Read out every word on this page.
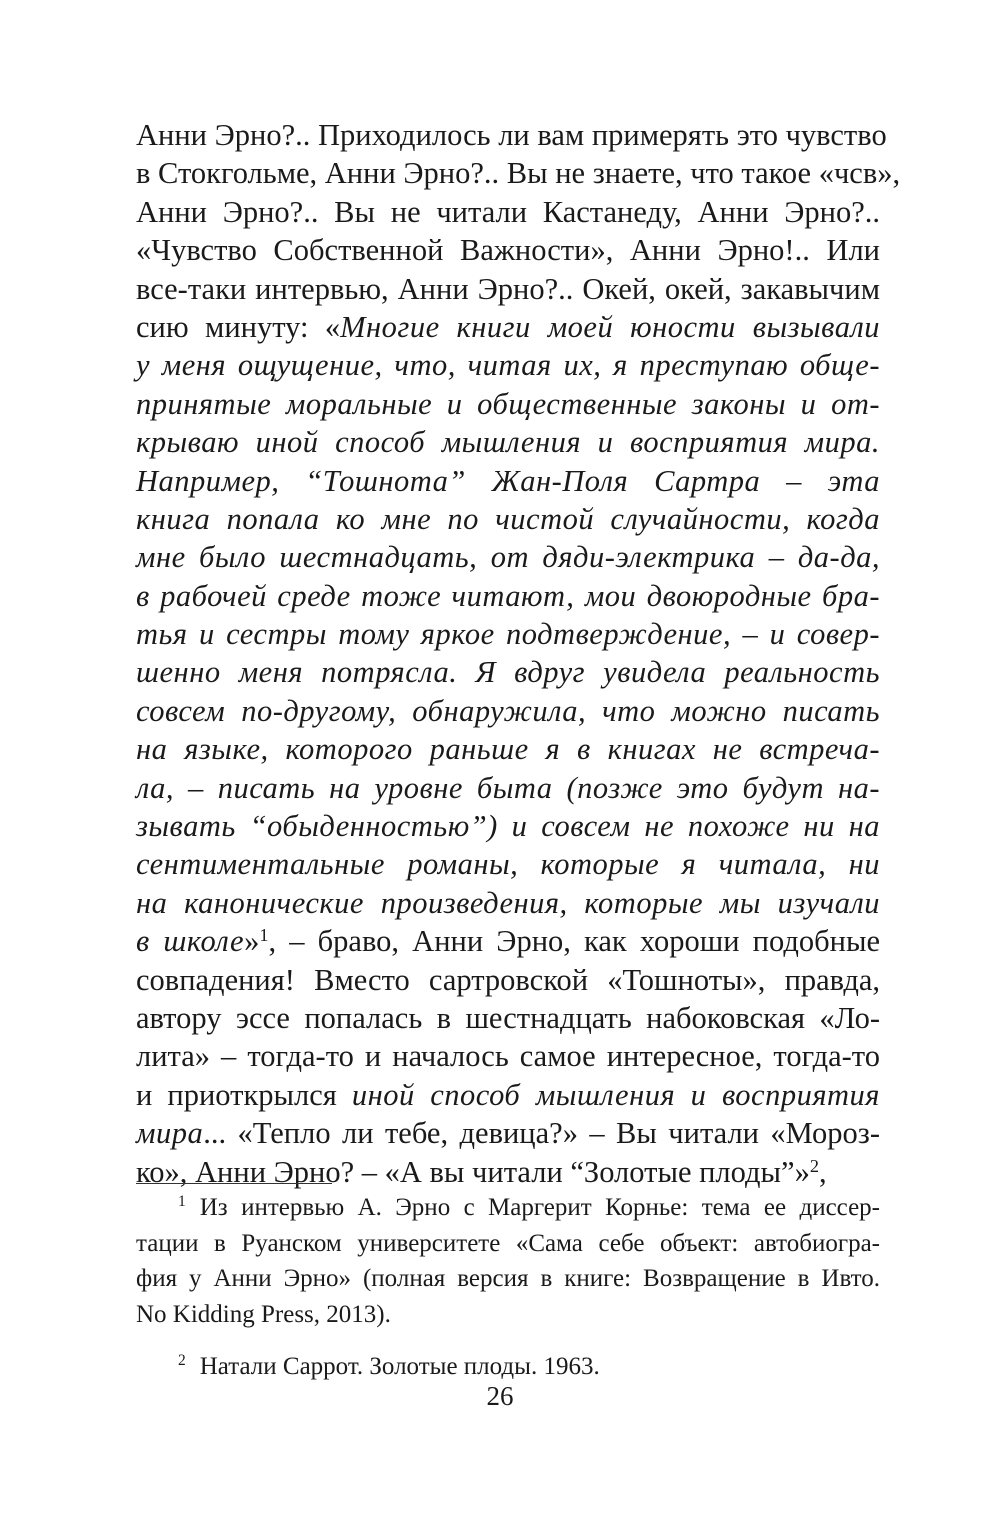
Анни Эрно?.. Приходилось ли вам примерять это чувство
в Стокгольме, Анни Эрно?.. Вы не знаете, что такое «чсв»,
Анни Эрно?.. Вы не читали Кастанеду, Анни Эрно?..
«Чувство Собственной Важности», Анни Эрно!.. Или
все-таки интервью, Анни Эрно?.. Окей, окей, закавычим
сию минуту: «Многие книги моей юности вызывали
у меня ощущение, что, читая их, я преступаю обще-
принятые моральные и общественные законы и от-
крываю иной способ мышления и восприятия мира.
Например, “Тошнота” Жан-Поля Сартра – эта
книга попала ко мне по чистой случайности, когда
мне было шестнадцать, от дяди-электрика – да-да,
в рабочей среде тоже читают, мои двоюродные бра-
тья и сестры тому яркое подтверждение, – и совер-
шенно меня потрясла. Я вдруг увидела реальность
совсем по-другому, обнаружила, что можно писать
на языке, которого раньше я в книгах не встреча-
ла, – писать на уровне быта (позже это будут на-
зывать “обыденностью”) и совсем не похоже ни на
сентиментальные романы, которые я читала, ни
на канонические произведения, которые мы изучали
в школе»$^1$, – браво, Анни Эрно, как хороши подобные
совпадения! Вместо сартровской «Тошноты», правда,
автору эссе попалась в шестнадцать набоковская «Ло-
лита» – тогда-то и началось самое интересное, тогда-то
и приоткрылся иной способ мышления и восприятия
мира... «Тепло ли тебе, девица?» – Вы читали «Мороз-
ко», Анни Эрно? – «А вы читали “Золотые плоды”»$^2$,
$^1$ Из интервью А. Эрно с Маргерит Корнье: тема ее диссер-
тации в Руанском университете «Сама себе объект: автобиогра-
фия у Анни Эрно» (полная версия в книге: Возвращение в Ивто.
No Kidding Press, 2013).
$^2$ Натали Саррот. Золотые плоды. 1963.
26
